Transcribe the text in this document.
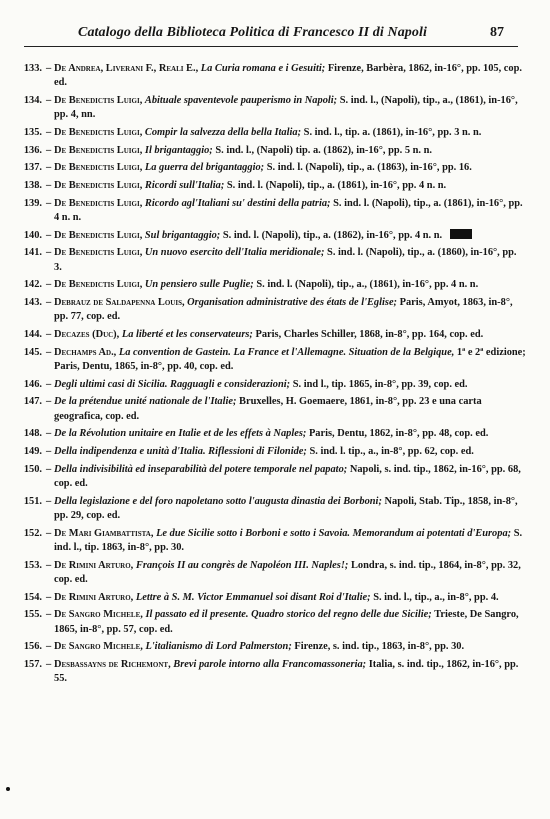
Catalogo della Biblioteca Politica di Francesco II di Napoli	87
133. – De Andrea, Liverani F., Reali E., La Curia romana e i Gesuiti; Firenze, Barbèra, 1862, in-16°, pp. 105, cop. ed.
134. – De Benedictis Luigi, Abituale spaventevole pauperismo in Napoli; S. ind. l., (Napoli), tip., a., (1861), in-16°, pp. 4, nn.
135. – De Benedictis Luigi, Compir la salvezza della bella Italia; S. ind. l., tip. a. (1861), in-16°, pp. 3 n. n.
136. – De Benedictis Luigi, Il brigantaggio; S. ind. l., (Napoli) tip. a. (1862), in-16°, pp. 5 n. n.
137. – De Benedictis Luigi, La guerra del brigantaggio; S. ind. l. (Napoli), tip., a. (1863), in-16°, pp. 16.
138. – De Benedictis Luigi, Ricordi sull'Italia; S. ind. l. (Napoli), tip., a. (1861), in-16°, pp. 4 n. n.
139. – De Benedictis Luigi, Ricordo agl'Italiani su' destini della patria; S. ind. l. (Napoli), tip., a. (1861), in-16°, pp. 4 n. n.
140. – De Benedictis Luigi, Sul brigantaggio; S. ind. l. (Napoli), tip., a. (1862), in-16°, pp. 4 n. n.
141. – De Benedictis Luigi, Un nuovo esercito dell'Italia meridionale; S. ind. l. (Napoli), tip., a. (1860), in-16°, pp. 3.
142. – De Benedictis Luigi, Un pensiero sulle Puglie; S. ind. l. (Napoli), tip., a., (1861), in-16°, pp. 4 n. n.
143. – Debrauz de Saldapenna Louis, Organisation administrative des états de l'Eglise; Paris, Amyot, 1863, in-8°, pp. 77, cop. ed.
144. – Decazes (Duc), La liberté et les conservateurs; Paris, Charles Schiller, 1868, in-8°, pp. 164, cop. ed.
145. – Dechamps Ad., La convention de Gastein. La France et l'Allemagne. Situation de la Belgique, 1ª e 2ª edizione; Paris, Dentu, 1865, in-8°, pp. 40, cop. ed.
146. – Degli ultimi casi di Sicilia. Ragguagli e considerazioni; S. ind l., tip. 1865, in-8°, pp. 39, cop. ed.
147. – De la prétendue unité nationale de l'Italie; Bruxelles, H. Goemaere, 1861, in-8°, pp. 23 e una carta geografica, cop. ed.
148. – De la Révolution unitaire en Italie et de les effets à Naples; Paris, Dentu, 1862, in-8°, pp. 48, cop. ed.
149. – Della indipendenza e unità d'Italia. Riflessioni di Filonide; S. ind. l. tip., a., in-8°, pp. 62, cop. ed.
150. – Della indivisibilità ed inseparabilità del potere temporale nel papato; Napoli, s. ind. tip., 1862, in-16°, pp. 68, cop. ed.
151. – Della legislazione e del foro napoletano sotto l'augusta dinastia dei Borboni; Napoli, Stab. Tip., 1858, in-8°, pp. 29, cop. ed.
152. – De Mari Giambattista, Le due Sicilie sotto i Borboni e sotto i Savoia. Memorandum ai potentati d'Europa; S. ind. l., tip. 1863, in-8°, pp. 30.
153. – De Rimini Arturo, François II au congrès de Napoléon III. Naples!; Londra, s. ind. tip., 1864, in-8°, pp. 32, cop. ed.
154. – De Rimini Arturo, Lettre à S. M. Victor Emmanuel soi disant Roi d'Italie; S. ind. l., tip., a., in-8°, pp. 4.
155. – De Sangro Michele, Il passato ed il presente. Quadro storico del regno delle due Sicilie; Trieste, De Sangro, 1865, in-8°, pp. 57, cop. ed.
156. – De Sangro Michele, L'italianismo di Lord Palmerston; Firenze, s. ind. tip., 1863, in-8°, pp. 30.
157. – Desbassayns de Richemont, Brevi parole intorno alla Francomassoneria; Italia, s. ind. tip., 1862, in-16°, pp. 55.
